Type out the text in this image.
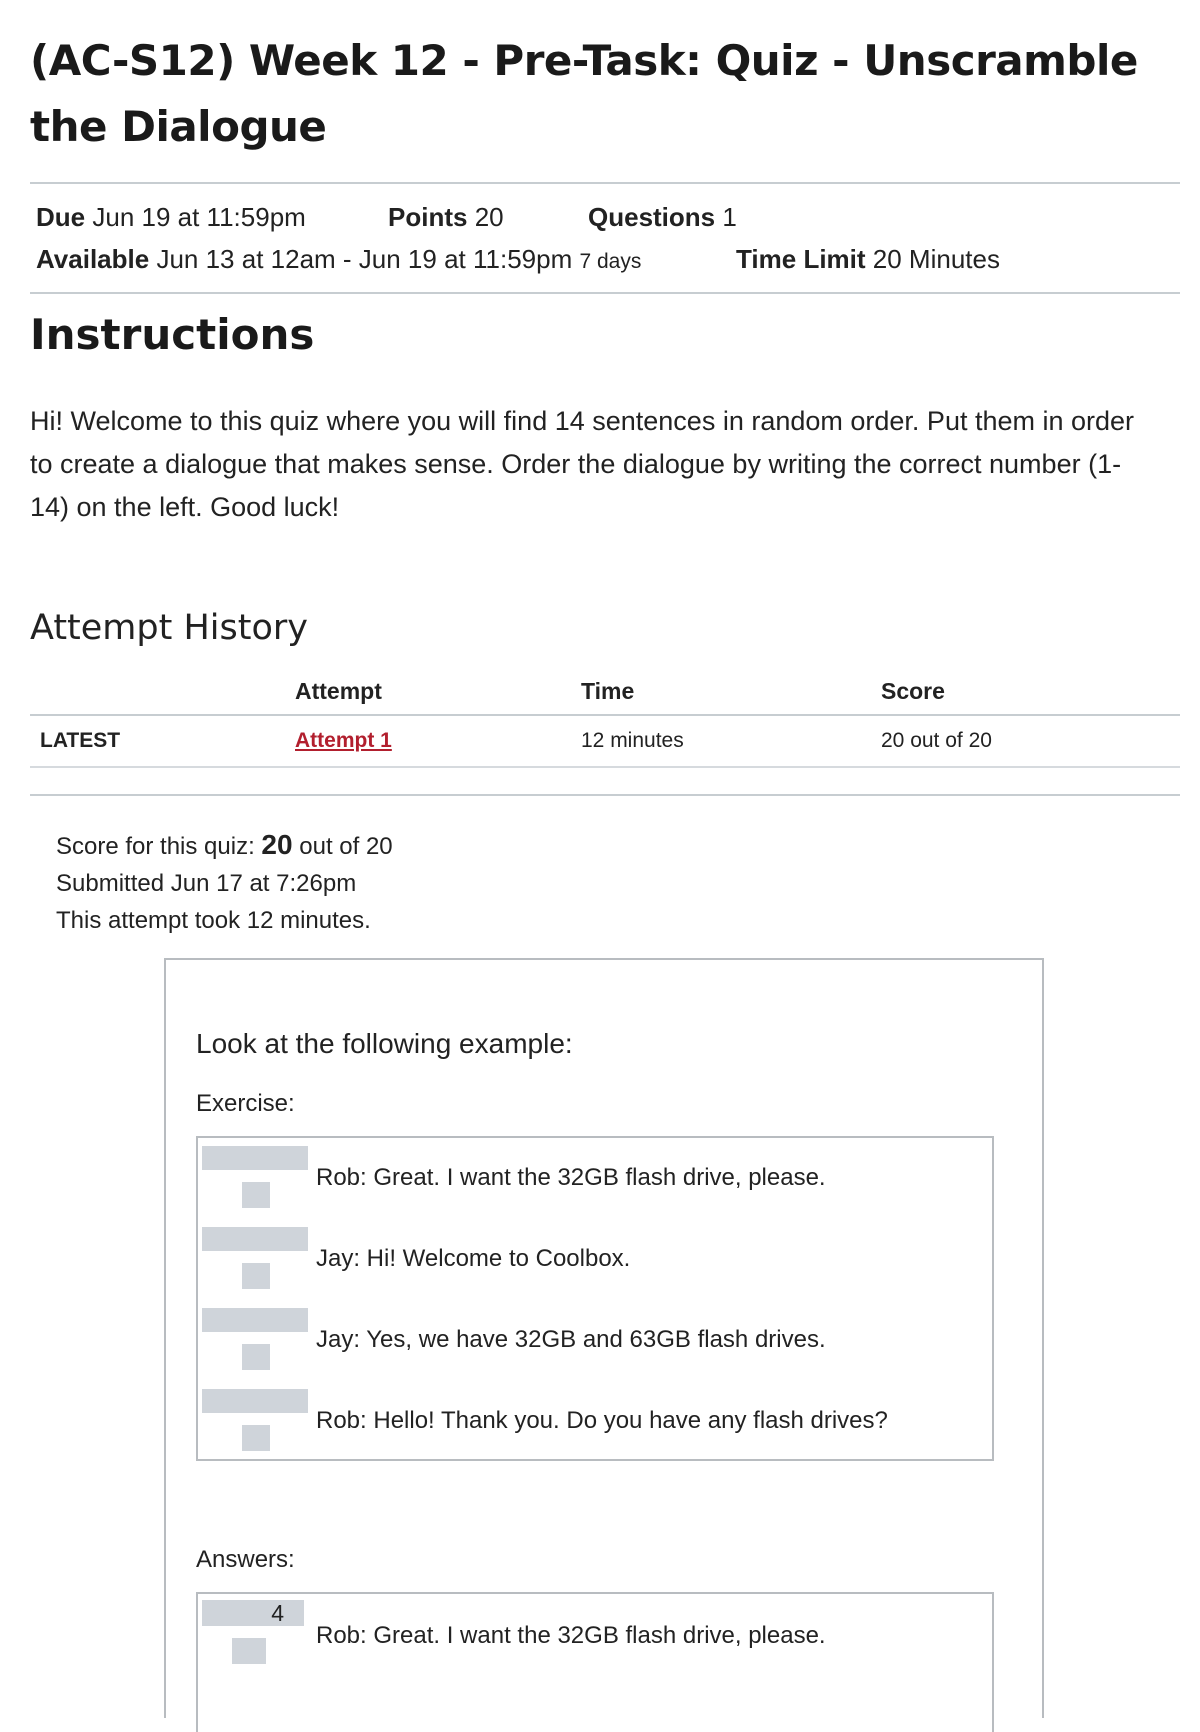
(AC-S12) Week 12 - Pre-Task: Quiz - Unscramble the Dialogue
Due Jun 19 at 11:59pm	Points 20	Questions 1
Available Jun 13 at 12am - Jun 19 at 11:59pm 7 days	Time Limit 20 Minutes
Instructions
Hi! Welcome to this quiz where you will find 14 sentences in random order. Put them in order to create a dialogue that makes sense. Order the dialogue by writing the correct number (1-14) on the left. Good luck!
Attempt History
	Attempt	Time	Score
LATEST	Attempt 1	12 minutes	20 out of 20
Score for this quiz: 20 out of 20
Submitted Jun 17 at 7:26pm
This attempt took 12 minutes.
Look at the following example:
Exercise:
Rob: Great. I want the 32GB flash drive, please.
Jay: Hi! Welcome to Coolbox.
Jay: Yes, we have 32GB and 63GB flash drives.
Rob: Hello! Thank you. Do you have any flash drives?
Answers:
4
Rob: Great. I want the 32GB flash drive, please.
